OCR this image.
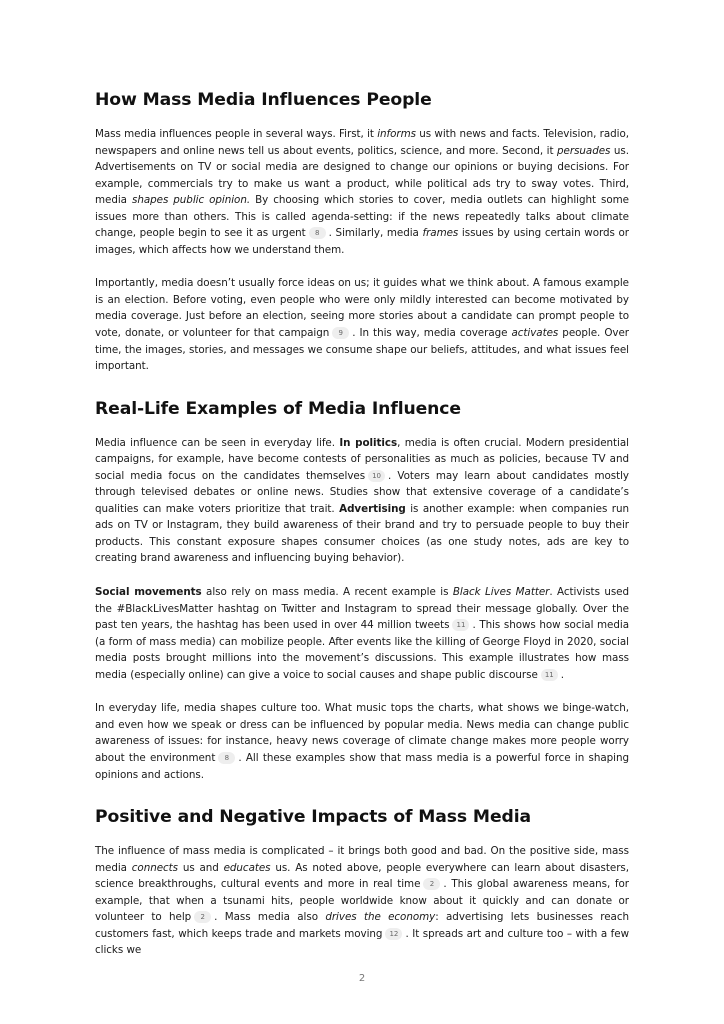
How Mass Media Influences People

Mass media influences people in several ways. First, it informs us with news and facts. Television, radio, newspapers and online news tell us about events, politics, science, and more. Second, it persuades us. Advertisements on TV or social media are designed to change our opinions or buying decisions. For example, commercials try to make us want a product, while political ads try to sway votes. Third, media shapes public opinion. By choosing which stories to cover, media outlets can highlight some issues more than others. This is called agenda-setting: if the news repeatedly talks about climate change, people begin to see it as urgent 8 . Similarly, media frames issues by using certain words or images, which affects how we understand them.

Importantly, media doesn’t usually force ideas on us; it guides what we think about. A famous example is an election. Before voting, even people who were only mildly interested can become motivated by media coverage. Just before an election, seeing more stories about a candidate can prompt people to vote, donate, or volunteer for that campaign 9 . In this way, media coverage activates people. Over time, the images, stories, and messages we consume shape our beliefs, attitudes, and what issues feel important.

Real-Life Examples of Media Influence

Media influence can be seen in everyday life. In politics, media is often crucial. Modern presidential campaigns, for example, have become contests of personalities as much as policies, because TV and social media focus on the candidates themselves 10 . Voters may learn about candidates mostly through televised debates or online news. Studies show that extensive coverage of a candidate’s qualities can make voters prioritize that trait. Advertising is another example: when companies run ads on TV or Instagram, they build awareness of their brand and try to persuade people to buy their products. This constant exposure shapes consumer choices (as one study notes, ads are key to creating brand awareness and influencing buying behavior).

Social movements also rely on mass media. A recent example is Black Lives Matter. Activists used the #BlackLivesMatter hashtag on Twitter and Instagram to spread their message globally. Over the past ten years, the hashtag has been used in over 44 million tweets 11 . This shows how social media (a form of mass media) can mobilize people. After events like the killing of George Floyd in 2020, social media posts brought millions into the movement’s discussions. This example illustrates how mass media (especially online) can give a voice to social causes and shape public discourse 11 .

In everyday life, media shapes culture too. What music tops the charts, what shows we binge-watch, and even how we speak or dress can be influenced by popular media. News media can change public awareness of issues: for instance, heavy news coverage of climate change makes more people worry about the environment 8 . All these examples show that mass media is a powerful force in shaping opinions and actions.

Positive and Negative Impacts of Mass Media

The influence of mass media is complicated – it brings both good and bad. On the positive side, mass media connects us and educates us. As noted above, people everywhere can learn about disasters, science breakthroughs, cultural events and more in real time 2 . This global awareness means, for example, that when a tsunami hits, people worldwide know about it quickly and can donate or volunteer to help 2 . Mass media also drives the economy: advertising lets businesses reach customers fast, which keeps trade and markets moving 12 . It spreads art and culture too – with a few clicks we

2
